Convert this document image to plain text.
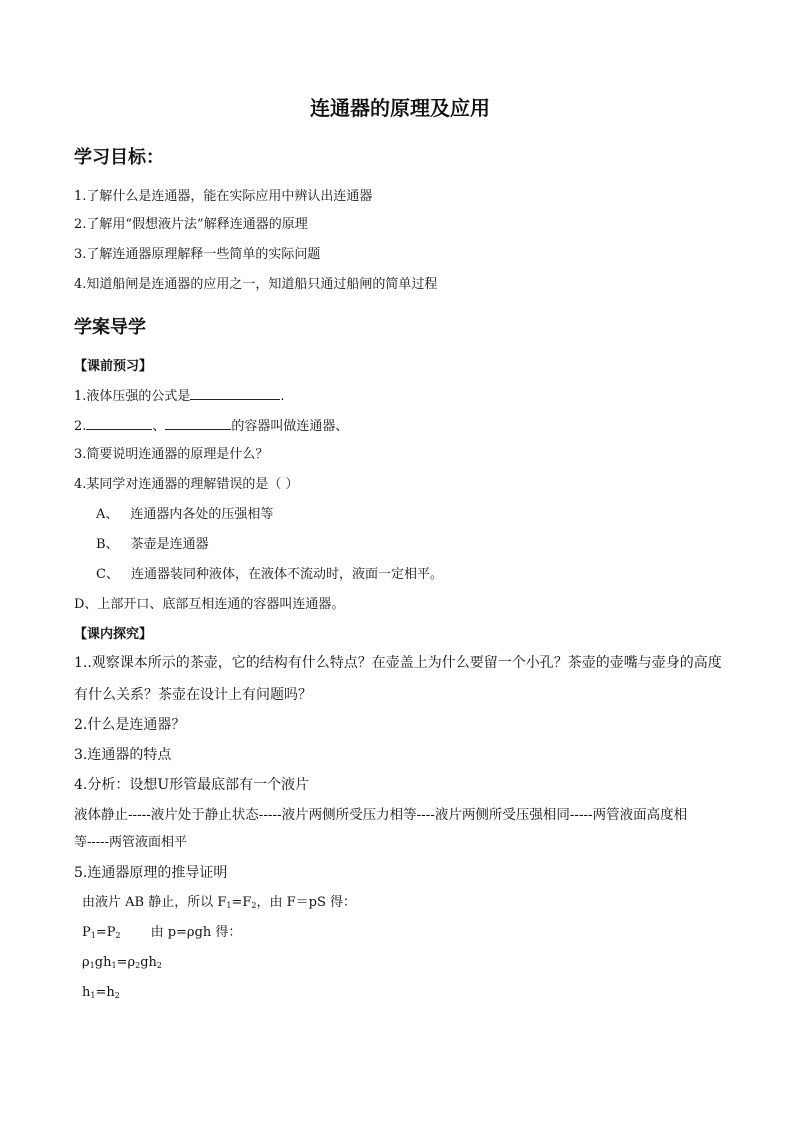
连通器的原理及应用
学习目标：
1.了解什么是连通器，能在实际应用中辨认出连通器
2.了解用“假想液片法”解释连通器的原理
3.了解连通器原理解释一些简单的实际问题
4.知道船闸是连通器的应用之一，知道船只通过船闸的简单过程
学案导学
【课前预习】
1.液体压强的公式是	.
2.	、	的容器叫做连通器、
3.简要说明连通器的原理是什么？
4.某同学对连通器的理解错误的是（ ）
A、 连通器内各处的压强相等
B、 茶壶是连通器
C、 连通器装同种液体，在液体不流动时，液面一定相平。
D、上部开口、底部互相连通的容器叫连通器。
【课内探究】
1..观察课本所示的茶壶，它的结构有什么特点？在壶盖上为什么要留一个小孔？茶壶的壶嘴与壶身的高度
有什么关系？茶壶在设计上有问题吗？
2.什么是连通器？
3.连通器的特点
4.分析：设想U形管最底部有一个液片
液体静止-----液片处于静止状态-----液片两侧所受压力相等----液片两侧所受压强相同-----两管液面高度相
等-----两管液面相平
5.连通器原理的推导证明
由液片 AB 静止，所以 $F_1=F_2$，由 F＝pS 得：
$P_1=P_2$ 由 p=ρgh 得：
$\rho_1gh_1=\rho_2gh_2$
$h_1=h_2$
